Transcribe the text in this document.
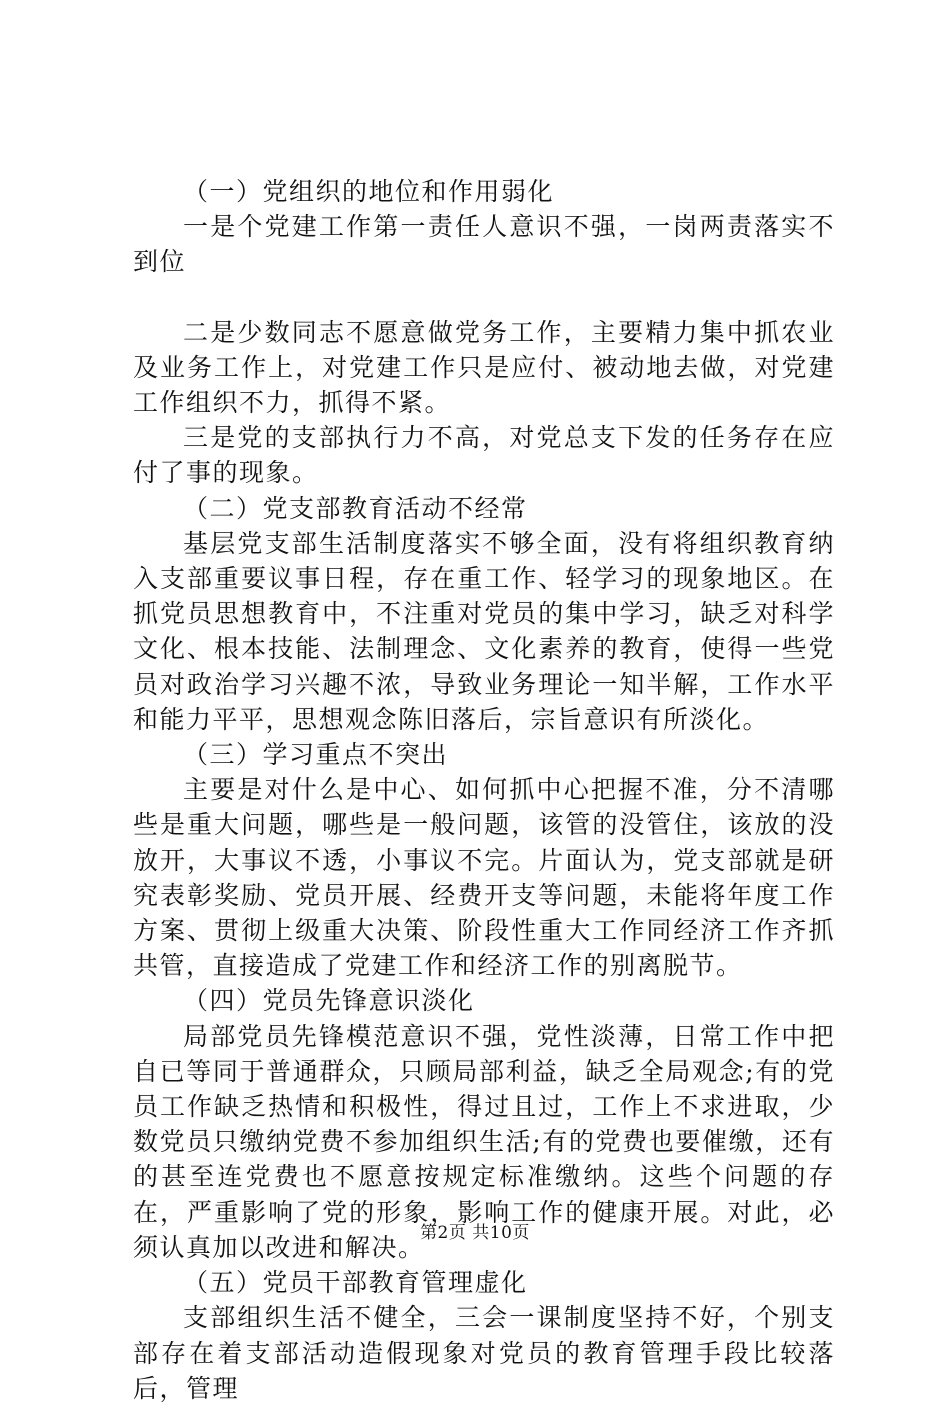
（一）党组织的地位和作用弱化

一是个党建工作第一责任人意识不强，一岗两责落实不到位

二是少数同志不愿意做党务工作，主要精力集中抓农业及业务工作上，对党建工作只是应付、被动地去做，对党建工作组织不力，抓得不紧。

三是党的支部执行力不高，对党总支下发的任务存在应付了事的现象。

（二）党支部教育活动不经常

基层党支部生活制度落实不够全面，没有将组织教育纳入支部重要议事日程，存在重工作、轻学习的现象地区。在抓党员思想教育中，不注重对党员的集中学习，缺乏对科学文化、根本技能、法制理念、文化素养的教育，使得一些党员对政治学习兴趣不浓，导致业务理论一知半解，工作水平和能力平平，思想观念陈旧落后，宗旨意识有所淡化。

（三）学习重点不突出

主要是对什么是中心、如何抓中心把握不准，分不清哪些是重大问题，哪些是一般问题，该管的没管住，该放的没放开，大事议不透，小事议不完。片面认为，党支部就是研究表彰奖励、党员开展、经费开支等问题，未能将年度工作方案、贯彻上级重大决策、阶段性重大工作同经济工作齐抓共管，直接造成了党建工作和经济工作的别离脱节。

（四）党员先锋意识淡化

局部党员先锋模范意识不强，党性淡薄，日常工作中把自已等同于普通群众，只顾局部利益，缺乏全局观念;有的党员工作缺乏热情和积极性，得过且过，工作上不求进取，少数党员只缴纳党费不参加组织生活;有的党费也要催缴，还有的甚至连党费也不愿意按规定标准缴纳。这些个问题的存在，严重影响了党的形象，影响工作的健康开展。对此，必须认真加以改进和解决。

（五）党员干部教育管理虚化

支部组织生活不健全，三会一课制度坚持不好，个别支部存在着支部活动造假现象对党员的教育管理手段比较落后，管理

第2页 共10页
